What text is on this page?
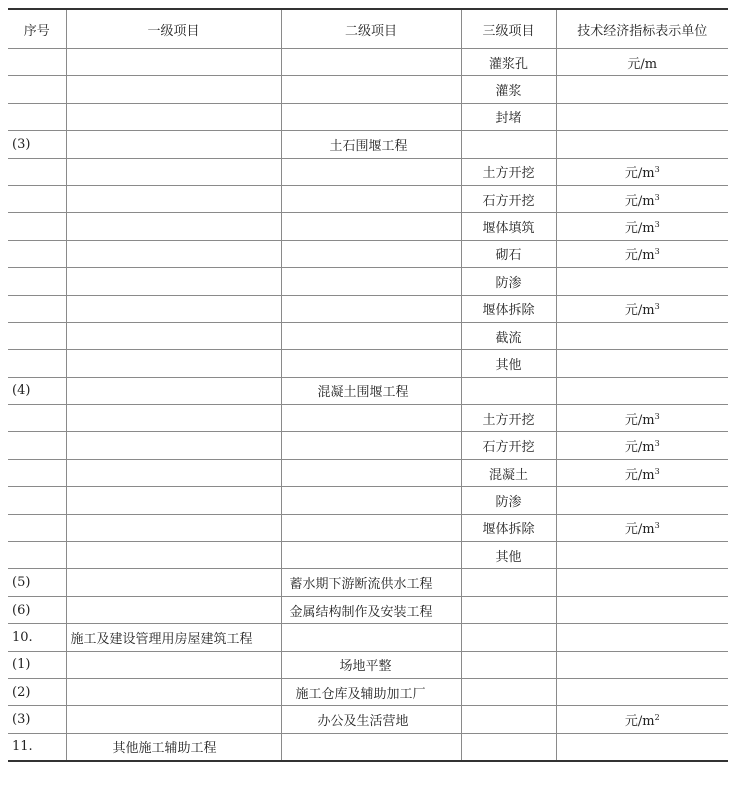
序号	一级项目	二级项目	三级项目	技术经济指标表示单位
			灌浆孔	元/m
			灌浆	
			封堵	
(3)		土石围堰工程		
			土方开挖	元$/m^3$
			石方开挖	元$/m^3$
			堰体填筑	元$/m^3$
			砌石	元$/m^3$
			防渗	
			堰体拆除	元$/m^3$
			截流	
			其他	
(4)		混凝土围堰工程		
			土方开挖	元$/m^3$
			石方开挖	元$/m^3$
			混凝土	元$/m^3$
			防渗	
			堰体拆除	元$/m^3$
			其他	
(5)		蓄水期下游断流供水工程		
(6)		金属结构制作及安装工程		
10.	施工及建设管理用房屋建筑工程			
(1)		场地平整		
(2)		施工仓库及辅助加工厂		
(3)		办公及生活营地		元$/m^2$
11.	其他施工辅助工程			
